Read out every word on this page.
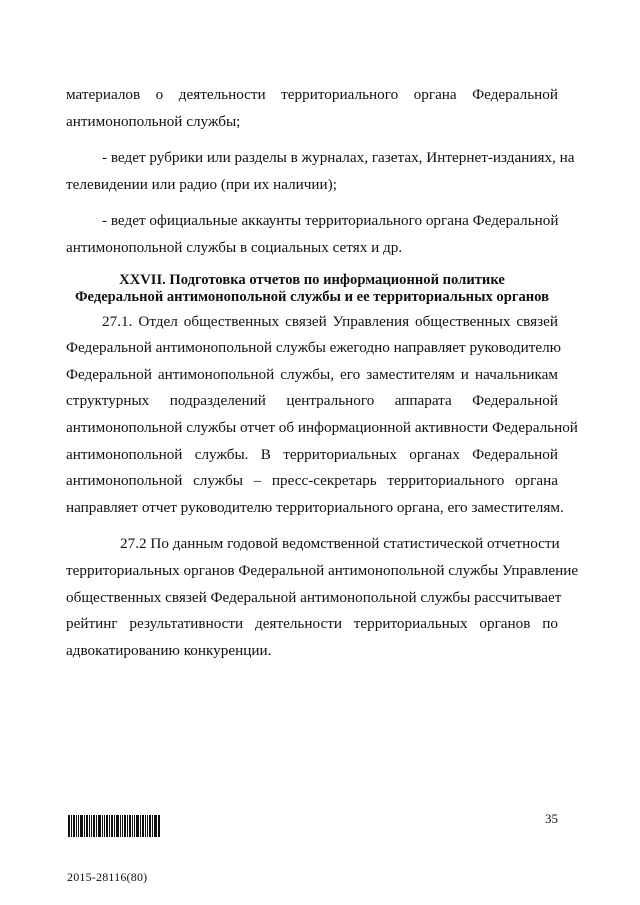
материалов о деятельности территориального органа Федеральной
антимонопольной службы;
- ведет рубрики или разделы в журналах, газетах, Интернет-изданиях, на
телевидении или радио (при их наличии);
- ведет официальные аккаунты территориального органа Федеральной
антимонопольной службы в социальных сетях и др.
XXVII. Подготовка отчетов по информационной политике
Федеральной антимонопольной службы и ее территориальных органов
27.1. Отдел общественных связей Управления общественных связей
Федеральной антимонопольной службы ежегодно направляет руководителю
Федеральной антимонопольной службы, его заместителям и начальникам
структурных подразделений центрального аппарата Федеральной
антимонопольной службы отчет об информационной активности Федеральной
антимонопольной службы. В территориальных органах Федеральной
антимонопольной службы – пресс-секретарь территориального органа
направляет отчет руководителю территориального органа, его заместителям.
27.2 По данным годовой ведомственной статистической отчетности
территориальных органов Федеральной антимонопольной службы Управление
общественных связей Федеральной антимонопольной службы рассчитывает
рейтинг результативности деятельности территориальных органов по
адвокатированию конкуренции.
35
2015-28116(80)
